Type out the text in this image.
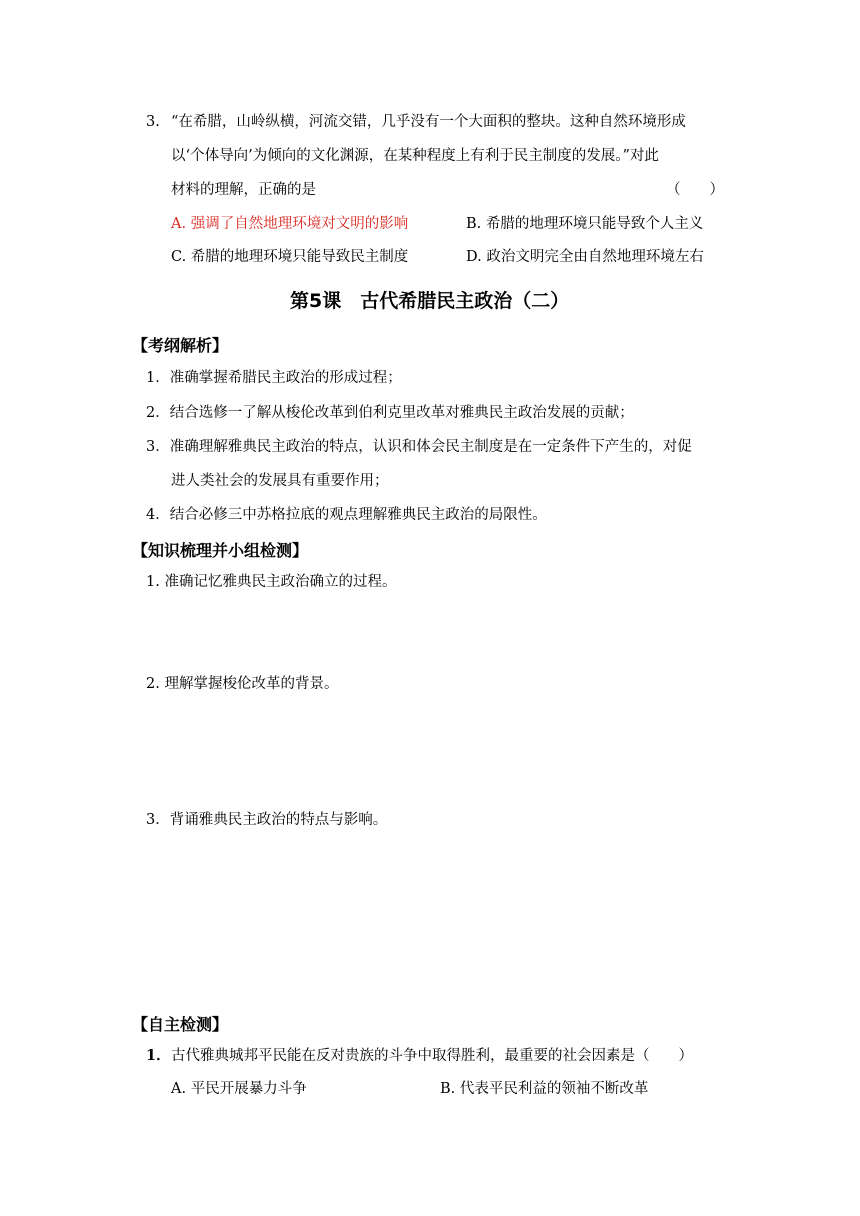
3. “在希腊，山岭纵横，河流交错，几乎没有一个大面积的整块。这种自然环境形成
以‘个体导向’为倾向的文化渊源，在某种程度上有利于民主制度的发展。”对此
材料的理解，正确的是	（　　）
A. 强调了自然地理环境对文明的影响	B. 希腊的地理环境只能导致个人主义
C. 希腊的地理环境只能导致民主制度	D. 政治文明完全由自然地理环境左右
第5课　古代希腊民主政治（二）
【考纲解析】
1．准确掌握希腊民主政治的形成过程；
2．结合选修一了解从梭伦改革到伯利克里改革对雅典民主政治发展的贡献；
3．准确理解雅典民主政治的特点，认识和体会民主制度是在一定条件下产生的，对促
进人类社会的发展具有重要作用；
4．结合必修三中苏格拉底的观点理解雅典民主政治的局限性。
【知识梳理并小组检测】
1. 准确记忆雅典民主政治确立的过程。
2. 理解掌握梭伦改革的背景。
3．背诵雅典民主政治的特点与影响。
【自主检测】
1． 古代雅典城邦平民能在反对贵族的斗争中取得胜利，最重要的社会因素是（　　）
A. 平民开展暴力斗争	B. 代表平民利益的领袖不断改革
